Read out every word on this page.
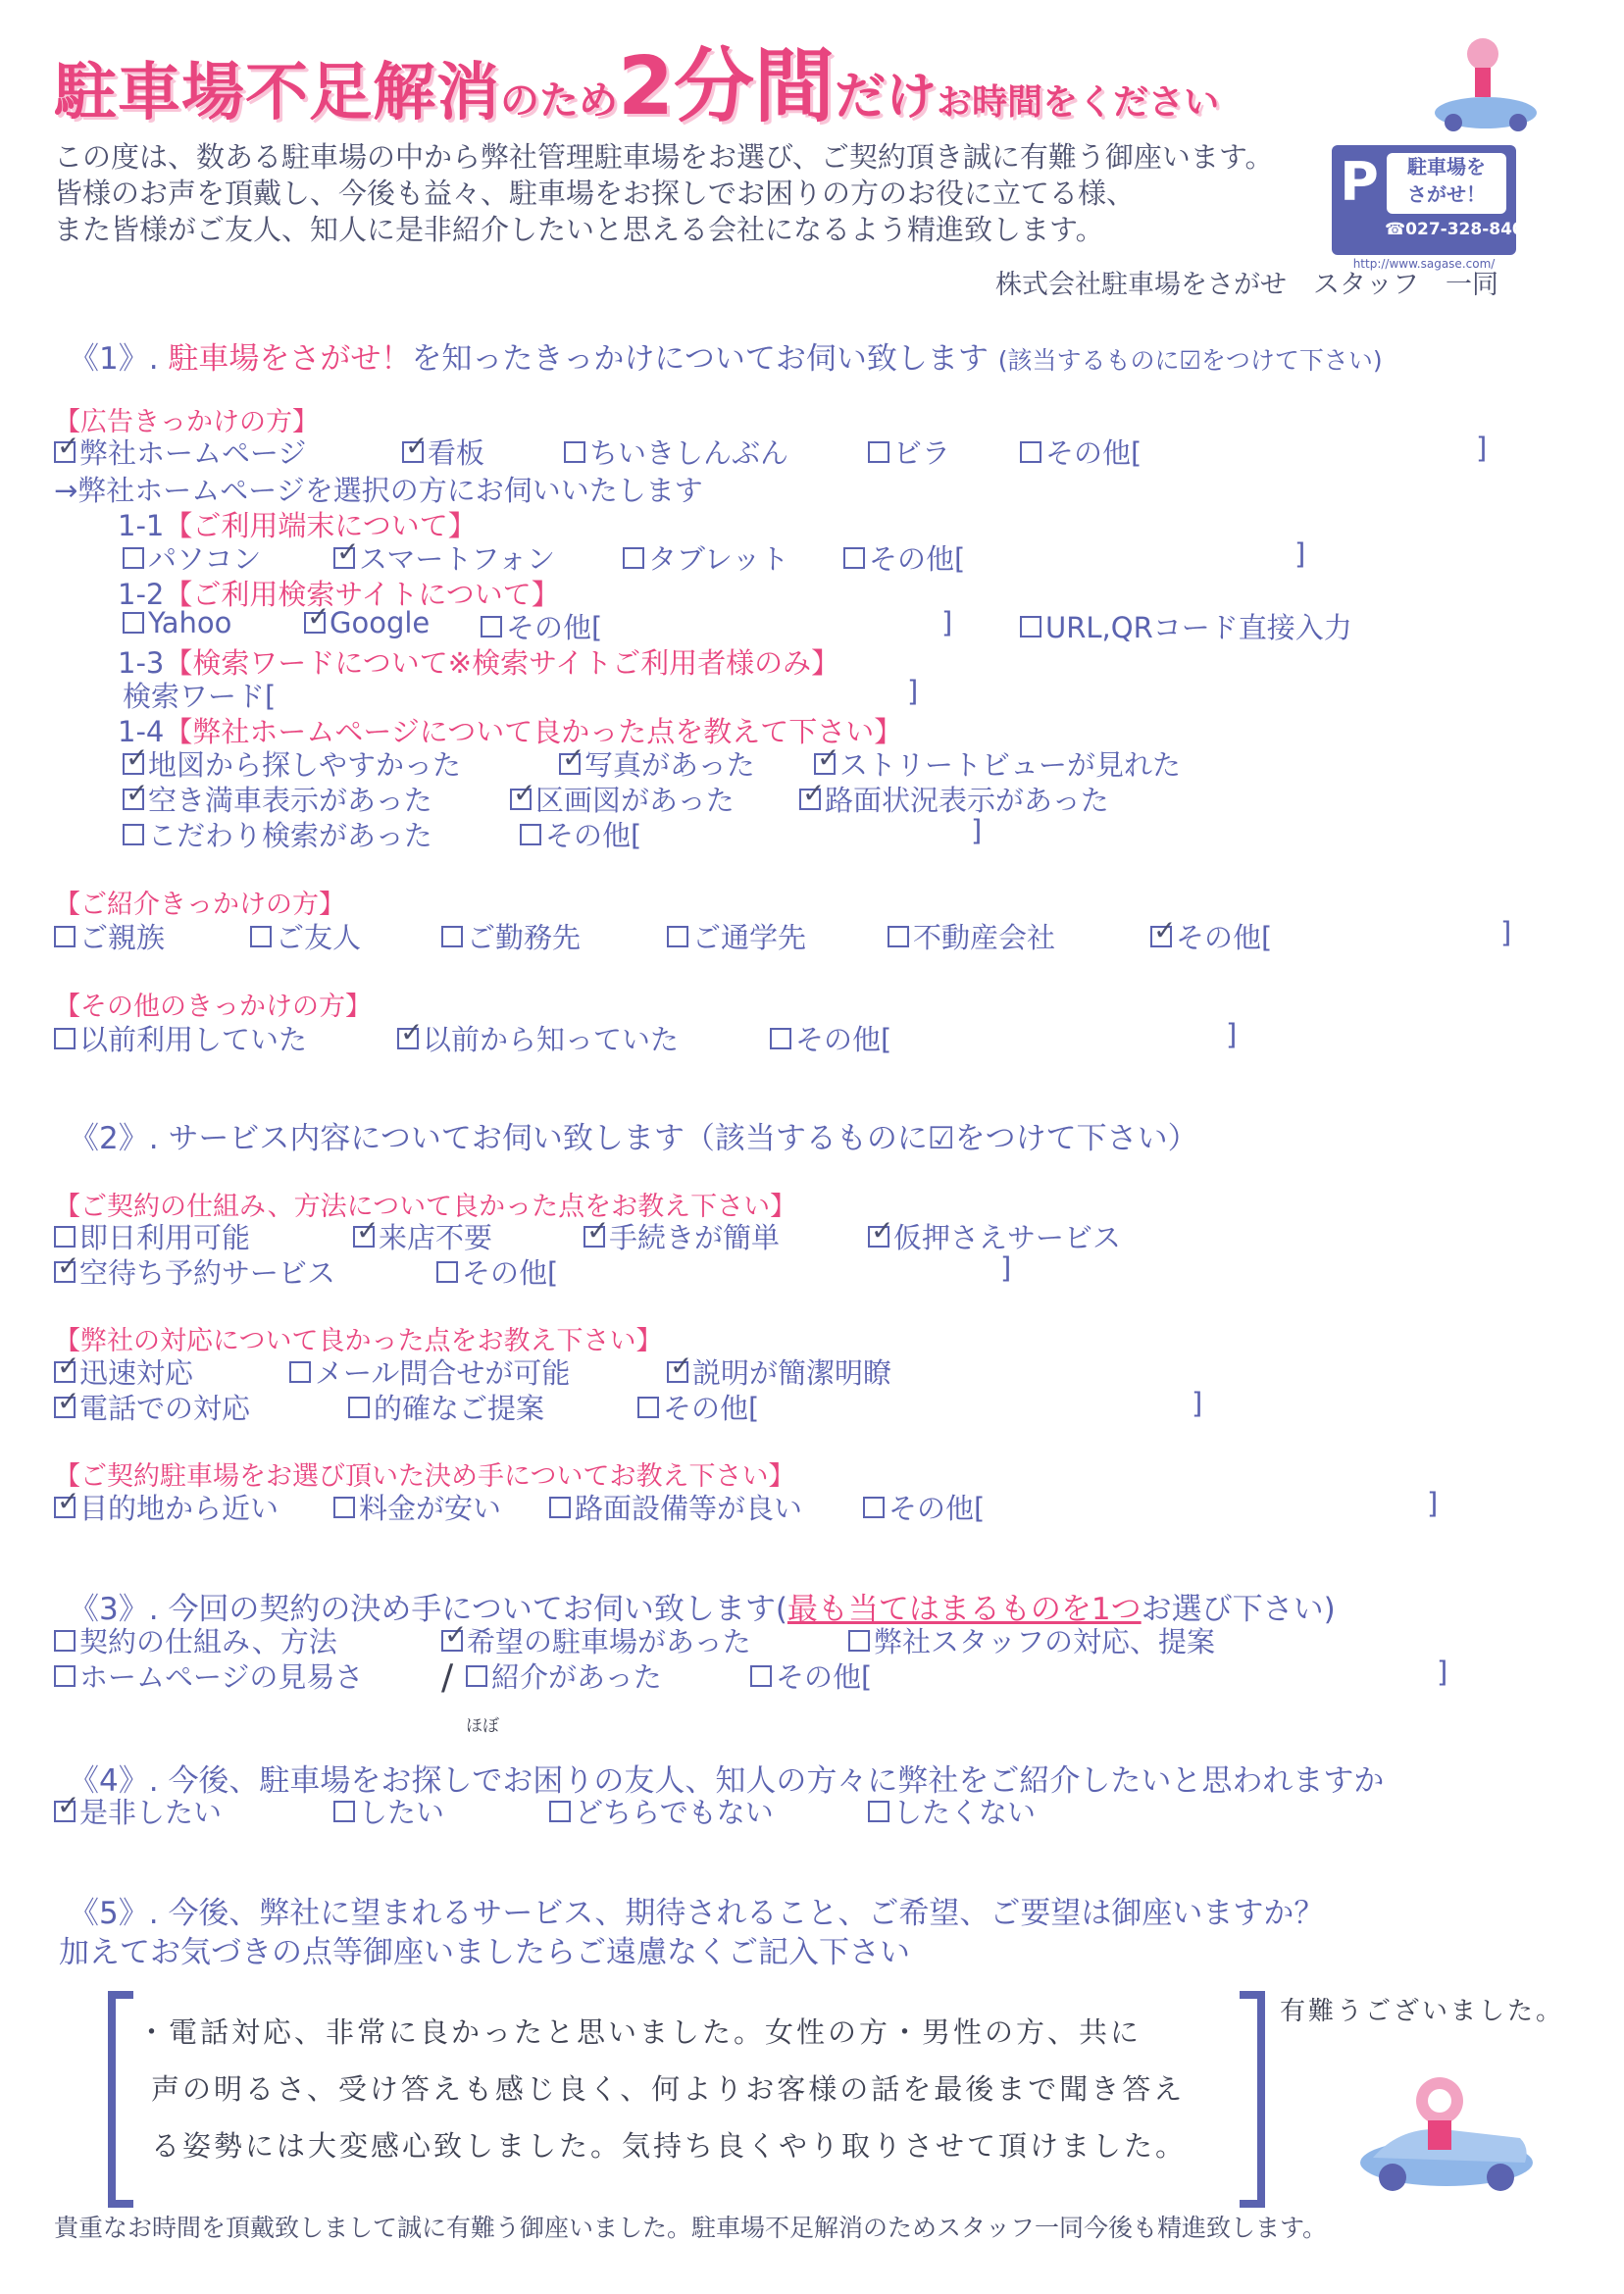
駐車場不足解消のため2分間だけお時間をください
この度は、数ある駐車場の中から弊社管理駐車場をお選び、ご契約頂き誠に有難う御座います。
皆様のお声を頂戴し、今後も益々、駐車場をお探しでお困りの方のお役に立てる様、
また皆様がご友人、知人に是非紹介したいと思える会社になるよう精進致します。
P	駐車場を
さがせ！
☎027-328-8401
http://www.sagase.com/
株式会社駐車場をさがせ　スタッフ　一同
《1》. 駐車場をさがせ！を知ったきっかけについてお伺い致します (該当するものに☑をつけて下さい)
【広告きっかけの方】
✓
弊社ホームページ ✓	看板	ちいきしんぶん	ビラ	その他[	]
→弊社ホームページを選択の方にお伺いいたします
1-1【ご利用端末について】
パソコン ✓	スマートフォン	タブレット	その他[	]
1-2【ご利用検索サイトについて】
Yahoo ✓	Google	その他[	]	URL,QRコード直接入力
1-3【検索ワードについて※検索サイトご利用者様のみ】
検索ワード[	]
1-4【弊社ホームページについて良かった点を教えて下さい】
✓
地図から探しやすかった ✓	写真があった ✓	ストリートビューが見れた
✓
空き満車表示があった ✓	区画図があった ✓	路面状況表示があった
こだわり検索があった	その他[	]
【ご紹介きっかけの方】
ご親族	ご友人	ご勤務先	ご通学先	不動産会社 ✓	その他[	]
【その他のきっかけの方】
以前利用していた ✓	以前から知っていた	その他[	]
《2》. サービス内容についてお伺い致します（該当するものに☑をつけて下さい）
【ご契約の仕組み、方法について良かった点をお教え下さい】
即日利用可能 ✓	来店不要 ✓	手続きが簡単 ✓	仮押さえサービス
✓
空待ち予約サービス	その他[	]
【弊社の対応について良かった点をお教え下さい】
✓
迅速対応	メール問合せが可能 ✓	説明が簡潔明瞭
✓
電話での対応	的確なご提案	その他[	]
【ご契約駐車場をお選び頂いた決め手についてお教え下さい】
✓
目的地から近い	料金が安い	路面設備等が良い	その他[	]
《3》. 今回の契約の決め手についてお伺い致します(最も当てはまるものを1つお選び下さい)
契約の仕組み、方法 ✓	希望の駐車場があった	弊社スタッフの対応、提案
ホームページの見易さ	紹介があった	その他[	]
/
ほぼ
《4》. 今後、駐車場をお探しでお困りの友人、知人の方々に弊社をご紹介したいと思われますか
✓
是非したい	したい	どちらでもない	したくない
《5》. 今後、弊社に望まれるサービス、期待されること、ご希望、ご要望は御座いますか？
加えてお気づきの点等御座いましたらご遠慮なくご記入下さい
・電話対応、非常に良かったと思いました。女性の方・男性の方、共に
声の明るさ、受け答えも感じ良く、何よりお客様の話を最後まで聞き答え
る姿勢には大変感心致しました。気持ち良くやり取りさせて頂けました。
有難うございました。
貴重なお時間を頂戴致しまして誠に有難う御座いました。駐車場不足解消のためスタッフ一同今後も精進致します。
